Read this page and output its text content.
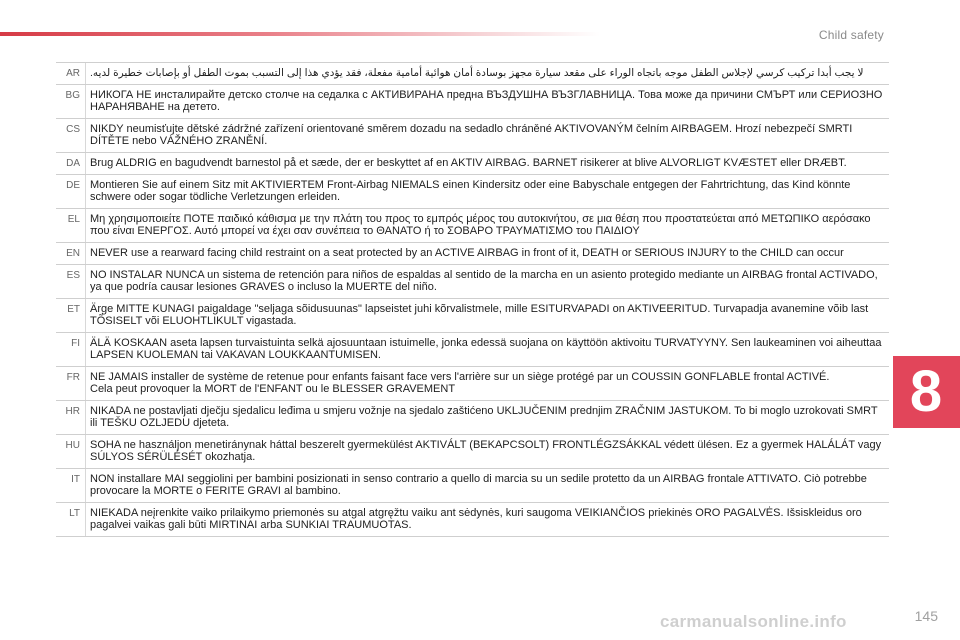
Child safety
8
AR لا يجب أبدا تركيب كرسي لإجلاس الطفل موجه باتجاه الوراء على مقعد سيارة مجهز بوسادة أمان هوائية أمامية مفعلة، فقد يؤدي هذا إلى التسبب بموت الطفل أو بإصابات خطيرة لديه.
BG НИКОГА НЕ инсталирайте детско столче на седалка с АКТИВИРАНА предна ВЪЗДУШНА ВЪЗГЛАВНИЦА. Това може да причини СМЪРТ или СЕРИОЗНО НАРАНЯВАНЕ на детето.
CS NIKDY neumisťujte dětské zádržné zařízení orientované směrem dozadu na sedadlo chráněné AKTIVOVANÝM čelním AIRBAGEM. Hrozí nebezpečí SMRTI DÍTĚTE nebo VÁŽNÉHO ZRANĚNÍ.
DA Brug ALDRIG en bagudvendt barnestol på et sæde, der er beskyttet af en AKTIV AIRBAG. BARNET risikerer at blive ALVORLIGT KVÆSTET eller DRÆBT.
DE Montieren Sie auf einem Sitz mit AKTIVIERTEM Front-Airbag NIEMALS einen Kindersitz oder eine Babyschale entgegen der Fahrtrichtung, das Kind könnte schwere oder sogar tödliche Verletzungen erleiden.
EL Μη χρησιμοποιείτε ΠΟΤΕ παιδικό κάθισμα με την πλάτη του προς το εμπρός μέρος του αυτοκινήτου, σε μια θέση που προστατεύεται από ΜΕΤΩΠΙΚΟ αερόσακο που είναι ΕΝΕΡΓΟΣ. Αυτό μπορεί να έχει σαν συνέπεια το ΘΑΝΑΤΟ ή το ΣΟΒΑΡΟ ΤΡΑΥΜΑΤΙΣΜΟ του ΠΑΙΔΙΟΥ
EN NEVER use a rearward facing child restraint on a seat protected by an ACTIVE AIRBAG in front of it, DEATH or SERIOUS INJURY to the CHILD can occur
ES NO INSTALAR NUNCA un sistema de retención para niños de espaldas al sentido de la marcha en un asiento protegido mediante un AIRBAG frontal ACTIVADO, ya que podría causar lesiones GRAVES o incluso la MUERTE del niño.
ET Ärge MITTE KUNAGI paigaldage "seljaga sõidusuunas" lapseistet juhi kõrvalistmele, mille ESITURVAPADI on AKTIVEERITUD. Turvapadja avanemine võib last TÕSISELT või ELUOHTLIKULT vigastada.
FI ÄLÄ KOSKAAN aseta lapsen turvaistuinta selkä ajosuuntaan istuimelle, jonka edessä suojana on käyttöön aktivoitu TURVATYYNY. Sen laukeaminen voi aiheuttaa LAPSEN KUOLEMAN tai VAKAVAN LOUKKAANTUMISEN.
FR NE JAMAIS installer de système de retenue pour enfants faisant face vers l'arrière sur un siège protégé par un COUSSIN GONFLABLE frontal ACTIVÉ.
Cela peut provoquer la MORT de l'ENFANT ou le BLESSER GRAVEMENT
HR NIKADA ne postavljati dječju sjedalicu leđima u smjeru vožnje na sjedalo zaštićeno UKLJUČENIM prednjim ZRAČNIM JASTUKOM. To bi moglo uzrokovati SMRT ili TEŠKU OZLJEDU djeteta.
HU SOHA ne használjon menetiránynak háttal beszerelt gyermekülést AKTIVÁLT (BEKAPCSOLT) FRONTLÉGZSÁKKAL védett ülésen. Ez a gyermek HALÁLÁT vagy SÚLYOS SÉRÜLÉSÉT okozhatja.
IT NON installare MAI seggiolini per bambini posizionati in senso contrario a quello di marcia su un sedile protetto da un AIRBAG frontale ATTIVATO. Ciò potrebbe provocare la MORTE o FERITE GRAVI al bambino.
LT NIEKADA neįrenkite vaiko prilaikymo priemonės su atgal atgręžtu vaiku ant sėdynės, kuri saugoma VEIKIANČIOS priekinės ORO PAGALVĖS. Išsiskleidus oro pagalvei vaikas gali būti MIRTINAI arba SUNKIAI TRAUMUOTAS.
carmanualsonline.info	145
